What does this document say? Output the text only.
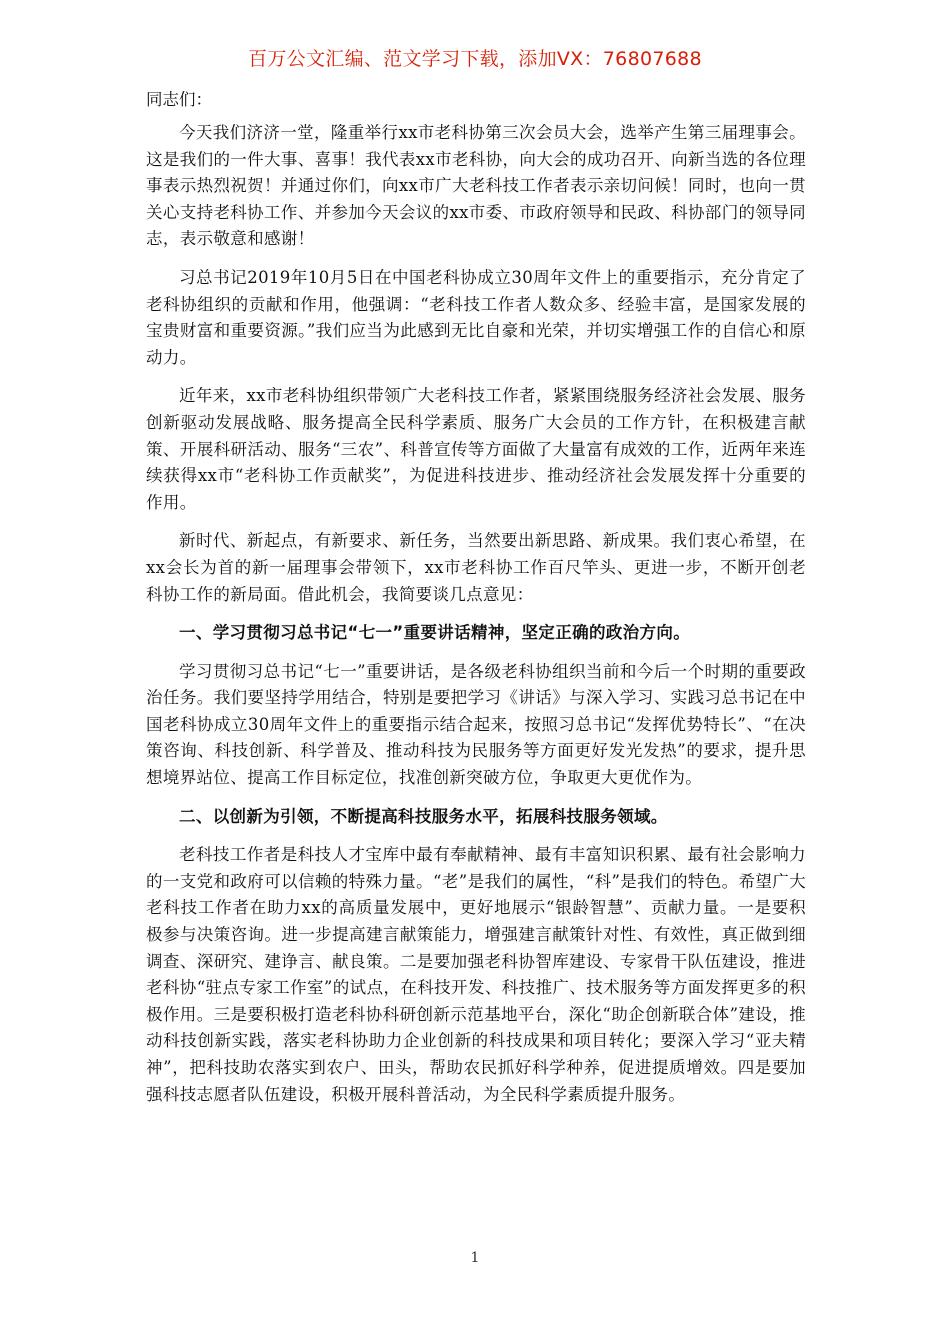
百万公文汇编、范文学习下载，添加VX：76807688
同志们：

今天我们济济一堂，隆重举行xx市老科协第三次会员大会，选举产生第三届理事会。这是我们的一件大事、喜事！我代表xx市老科协，向大会的成功召开、向新当选的各位理事表示热烈祝贺！并通过你们，向xx市广大老科技工作者表示亲切问候！同时，也向一贯关心支持老科协工作、并参加今天会议的xx市委、市政府领导和民政、科协部门的领导同志，表示敬意和感谢！

习总书记2019年10月5日在中国老科协成立30周年文件上的重要指示，充分肯定了老科协组织的贡献和作用，他强调：“老科技工作者人数众多、经验丰富，是国家发展的宝贵财富和重要资源。”我们应当为此感到无比自豪和光荣，并切实增强工作的自信心和原动力。

近年来，xx市老科协组织带领广大老科技工作者，紧紧围绕服务经济社会发展、服务创新驱动发展战略、服务提高全民科学素质、服务广大会员的工作方针，在积极建言献策、开展科研活动、服务“三农”、科普宣传等方面做了大量富有成效的工作，近两年来连续获得xx市“老科协工作贡献奖”，为促进科技进步、推动经济社会发展发挥十分重要的作用。

新时代、新起点，有新要求、新任务，当然要出新思路、新成果。我们衷心希望，在xx会长为首的新一届理事会带领下，xx市老科协工作百尺竿头、更进一步，不断开创老科协工作的新局面。借此机会，我简要谈几点意见：

一、学习贯彻习总书记“七一”重要讲话精神，坚定正确的政治方向。

学习贯彻习总书记“七一”重要讲话，是各级老科协组织当前和今后一个时期的重要政治任务。我们要坚持学用结合，特别是要把学习《讲话》与深入学习、实践习总书记在中国老科协成立30周年文件上的重要指示结合起来，按照习总书记“发挥优势特长”、“在决策咨询、科技创新、科学普及、推动科技为民服务等方面更好发光发热”的要求，提升思想境界站位、提高工作目标定位，找准创新突破方位，争取更大更优作为。

二、以创新为引领，不断提高科技服务水平，拓展科技服务领域。

老科技工作者是科技人才宝库中最有奉献精神、最有丰富知识积累、最有社会影响力的一支党和政府可以信赖的特殊力量。“老”是我们的属性，“科”是我们的特色。希望广大老科技工作者在助力xx的高质量发展中，更好地展示“银龄智慧”、贡献力量。一是要积极参与决策咨询。进一步提高建言献策能力，增强建言献策针对性、有效性，真正做到细调查、深研究、建诤言、献良策。二是要加强老科协智库建设、专家骨干队伍建设，推进老科协“驻点专家工作室”的试点，在科技开发、科技推广、技术服务等方面发挥更多的积极作用。三是要积极打造老科协科研创新示范基地平台，深化“助企创新联合体”建设，推动科技创新实践，落实老科协助力企业创新的科技成果和项目转化；要深入学习“亚夫精神”，把科技助农落实到农户、田头，帮助农民抓好科学种养，促进提质增效。四是要加强科技志愿者队伍建设，积极开展科普活动，为全民科学素质提升服务。

1
